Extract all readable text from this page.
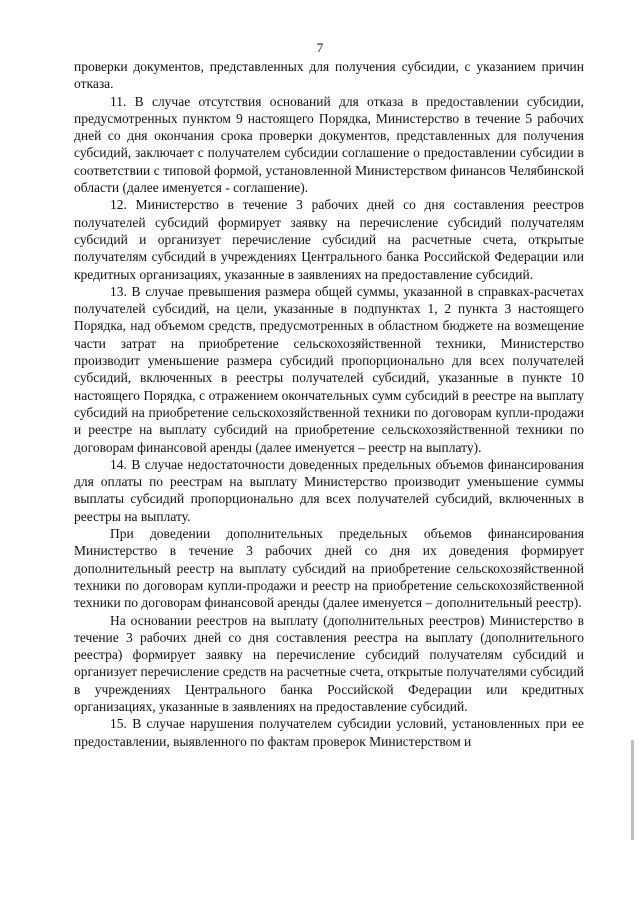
7

проверки документов, представленных для получения субсидии, с указанием причин отказа.

11. В случае отсутствия оснований для отказа в предоставлении субсидии, предусмотренных пунктом 9 настоящего Порядка, Министерство в течение 5 рабочих дней со дня окончания срока проверки документов, представленных для получения субсидий, заключает с получателем субсидии соглашение о предоставлении субсидии в соответствии с типовой формой, установленной Министерством финансов Челябинской области (далее именуется - соглашение).

12. Министерство в течение 3 рабочих дней со дня составления реестров получателей субсидий формирует заявку на перечисление субсидий получателям субсидий и организует перечисление субсидий на расчетные счета, открытые получателям субсидий в учреждениях Центрального банка Российской Федерации или кредитных организациях, указанные в заявлениях на предоставление субсидий.

13. В случае превышения размера общей суммы, указанной в справках-расчетах получателей субсидий, на цели, указанные в подпунктах 1, 2 пункта 3 настоящего Порядка, над объемом средств, предусмотренных в областном бюджете на возмещение части затрат на приобретение сельскохозяйственной техники, Министерство производит уменьшение размера субсидий пропорционально для всех получателей субсидий, включенных в реестры получателей субсидий, указанные в пункте 10 настоящего Порядка, с отражением окончательных сумм субсидий в реестре на выплату субсидий на приобретение сельскохозяйственной техники по договорам купли-продажи и реестре на выплату субсидий на приобретение сельскохозяйственной техники по договорам финансовой аренды (далее именуется – реестр на выплату).

14. В случае недостаточности доведенных предельных объемов финансирования для оплаты по реестрам на выплату Министерство производит уменьшение суммы выплаты субсидий пропорционально для всех получателей субсидий, включенных в реестры на выплату.

При доведении дополнительных предельных объемов финансирования Министерство в течение 3 рабочих дней со дня их доведения формирует дополнительный реестр на выплату субсидий на приобретение сельскохозяйственной техники по договорам купли-продажи и реестр на приобретение сельскохозяйственной техники по договорам финансовой аренды (далее именуется – дополнительный реестр).

На основании реестров на выплату (дополнительных реестров) Министерство в течение 3 рабочих дней со дня составления реестра на выплату (дополнительного реестра) формирует заявку на перечисление субсидий получателям субсидий и организует перечисление средств на расчетные счета, открытые получателями субсидий в учреждениях Центрального банка Российской Федерации или кредитных организациях, указанные в заявлениях на предоставление субсидий.

15. В случае нарушения получателем субсидии условий, установленных при ее предоставлении, выявленного по фактам проверок Министерством и
